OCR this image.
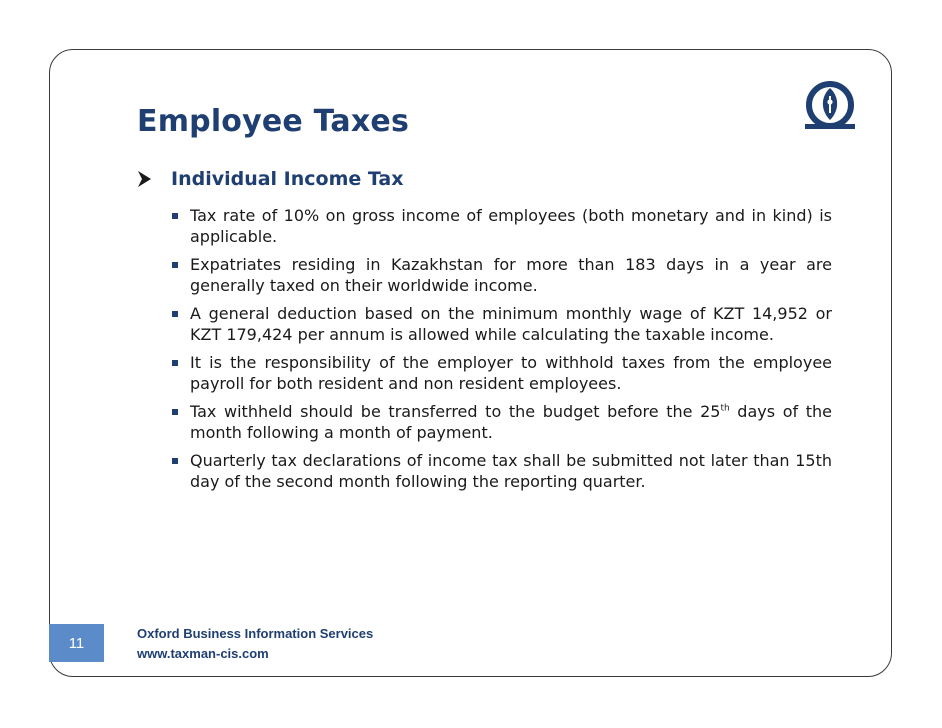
Employee Taxes
Individual Income Tax
Tax rate of 10% on gross income of employees (both monetary and in kind) is applicable.
Expatriates residing in Kazakhstan for more than 183 days in a year are generally taxed on their worldwide income.
A general deduction based on the minimum monthly wage of KZT 14,952 or KZT 179,424 per annum is allowed while calculating the taxable income.
It is the responsibility of the employer to withhold taxes from the employee payroll for both resident and non resident employees.
Tax withheld should be transferred to the budget before the 25th days of the month following a month of payment.
Quarterly tax declarations of income tax shall be submitted not later than 15th day of the second month following the reporting quarter.
Oxford Business Information Services
www.taxman-cis.com
11
